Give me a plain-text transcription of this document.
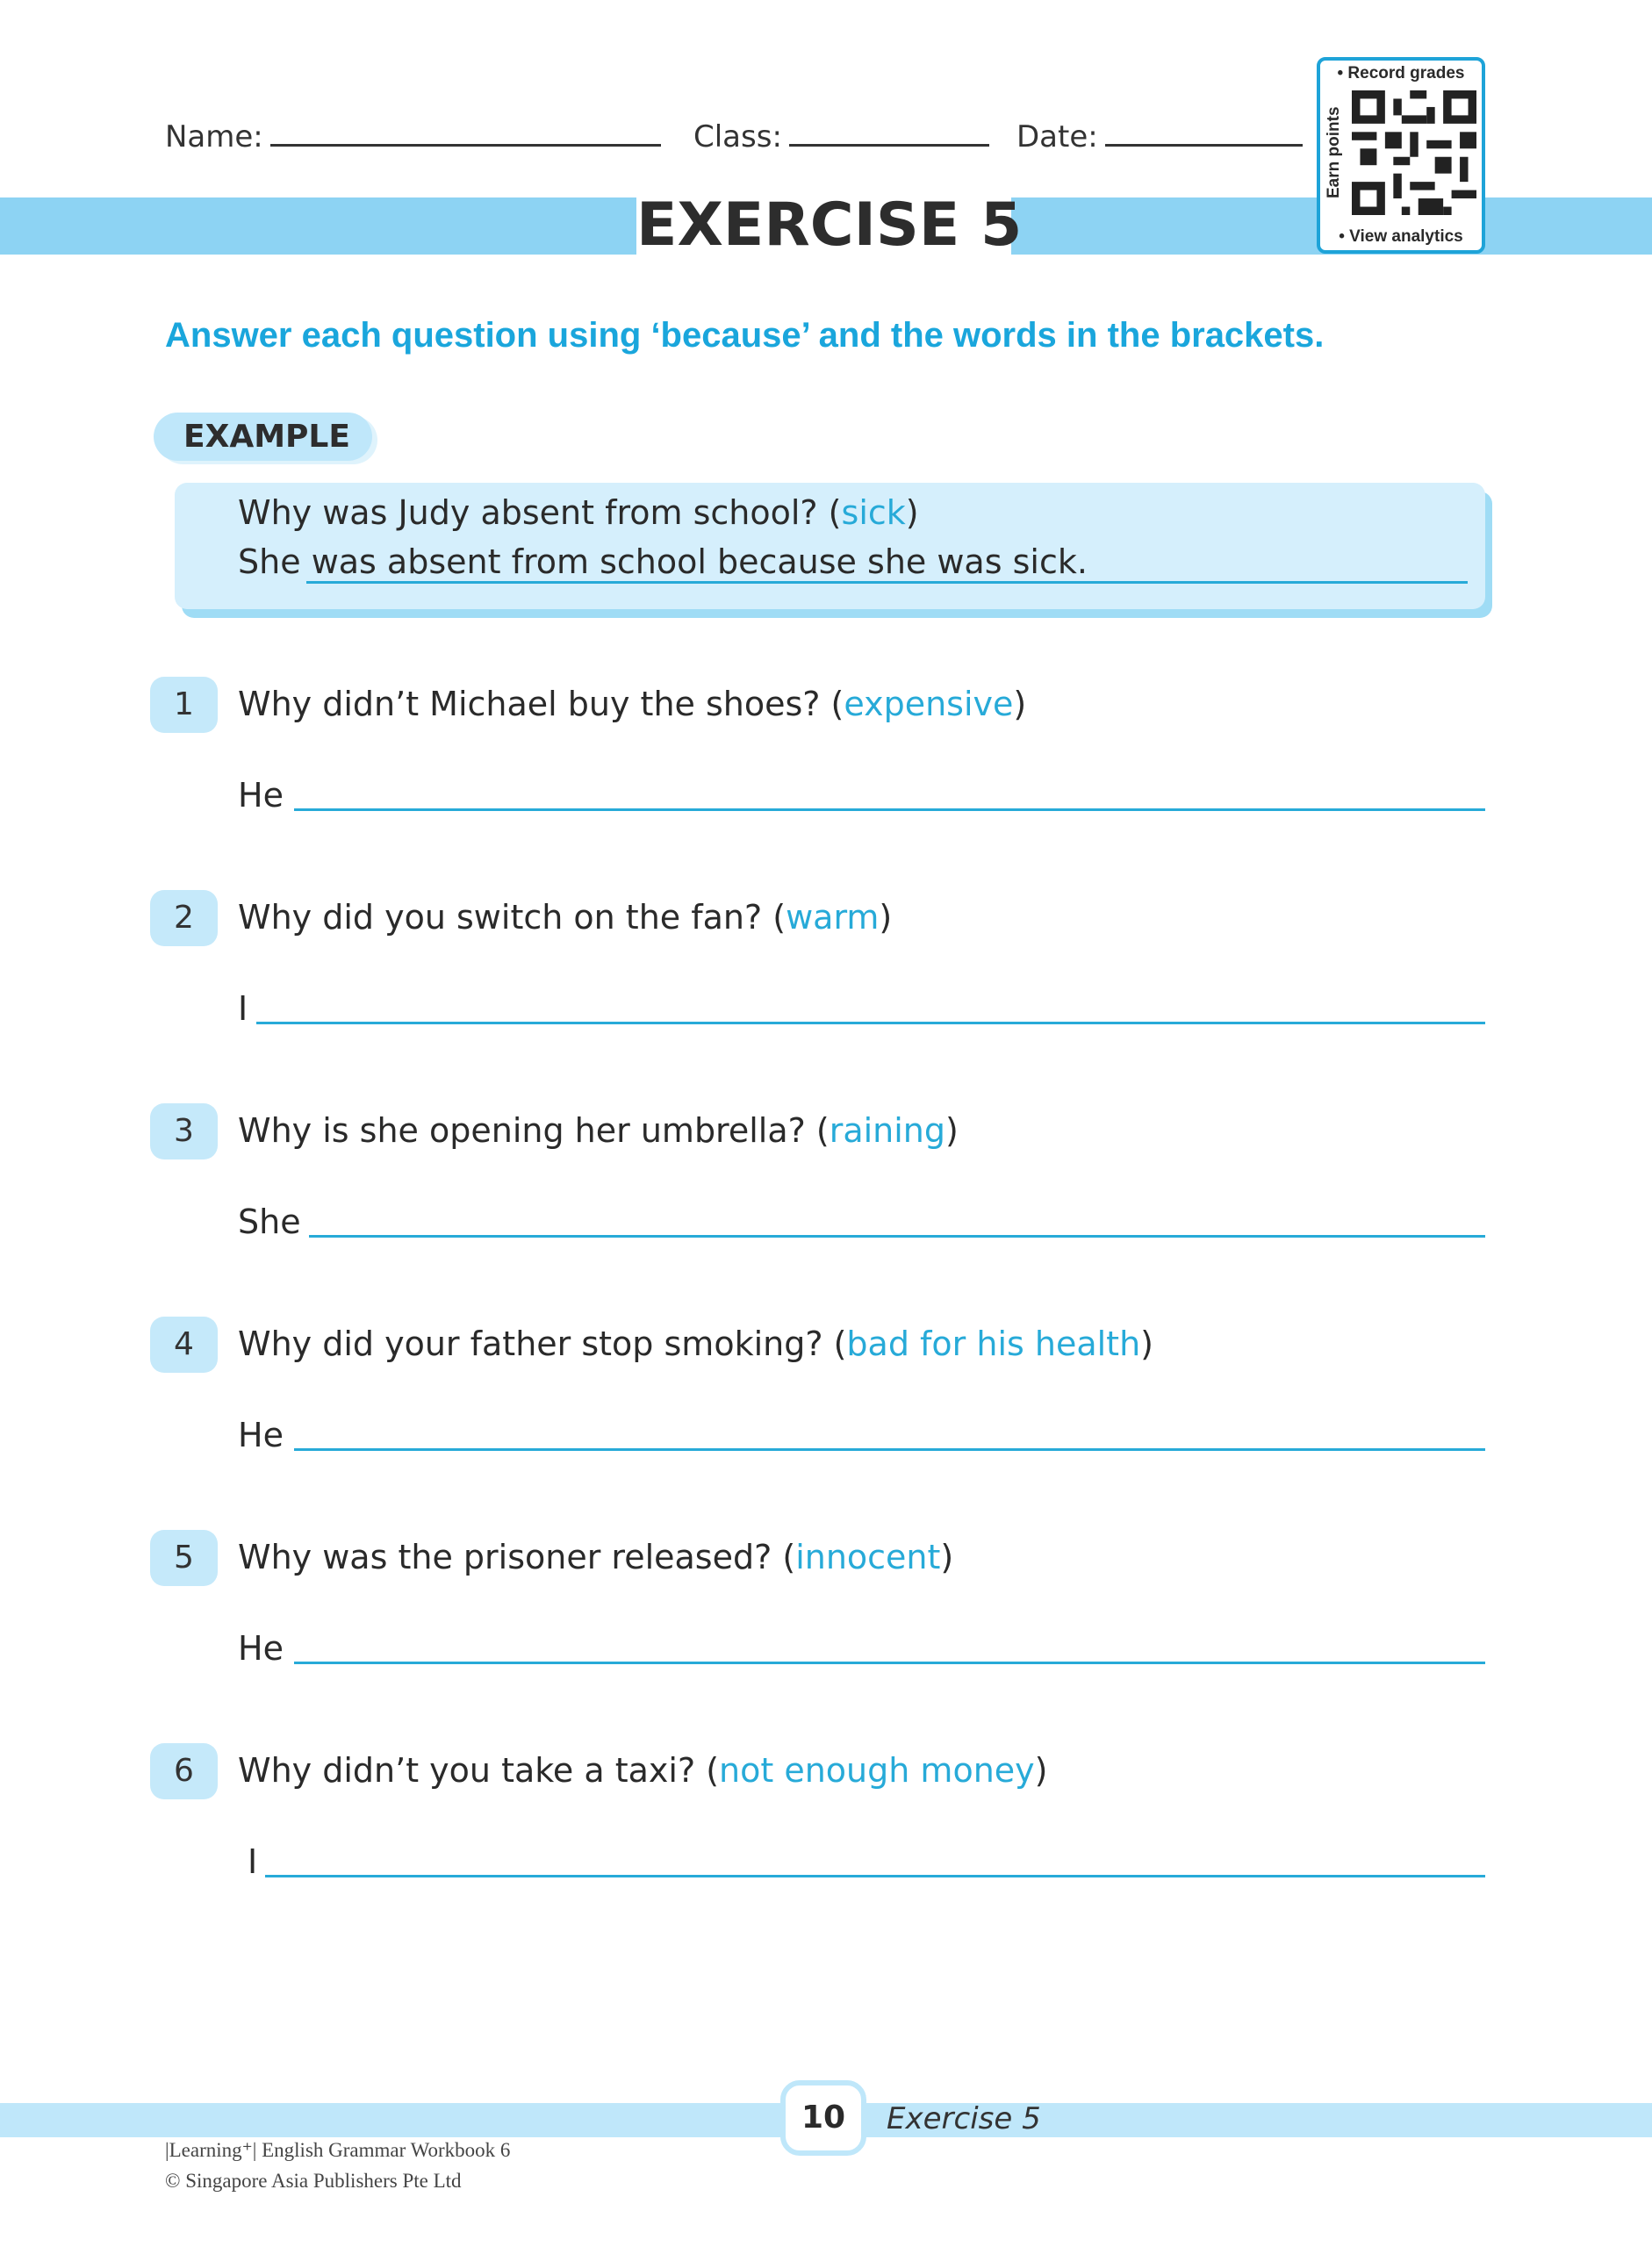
Name:	Class:	Date:
EXERCISE 5
• Record grades
Earn points
• View analytics
Answer each question using ‘because’ and the words in the brackets.
EXAMPLE
Why was Judy absent from school? (sick)
She was absent from school because she was sick.
1	Why didn’t Michael buy the shoes? (expensive)
He
2	Why did you switch on the fan? (warm)
I
3	Why is she opening her umbrella? (raining)
She
4	Why did your father stop smoking? (bad for his health)
He
5	Why was the prisoner released? (innocent)
He
6	Why didn’t you take a taxi? (not enough money)
I
10	Exercise 5
|Learning⁺| English Grammar Workbook 6
© Singapore Asia Publishers Pte Ltd
